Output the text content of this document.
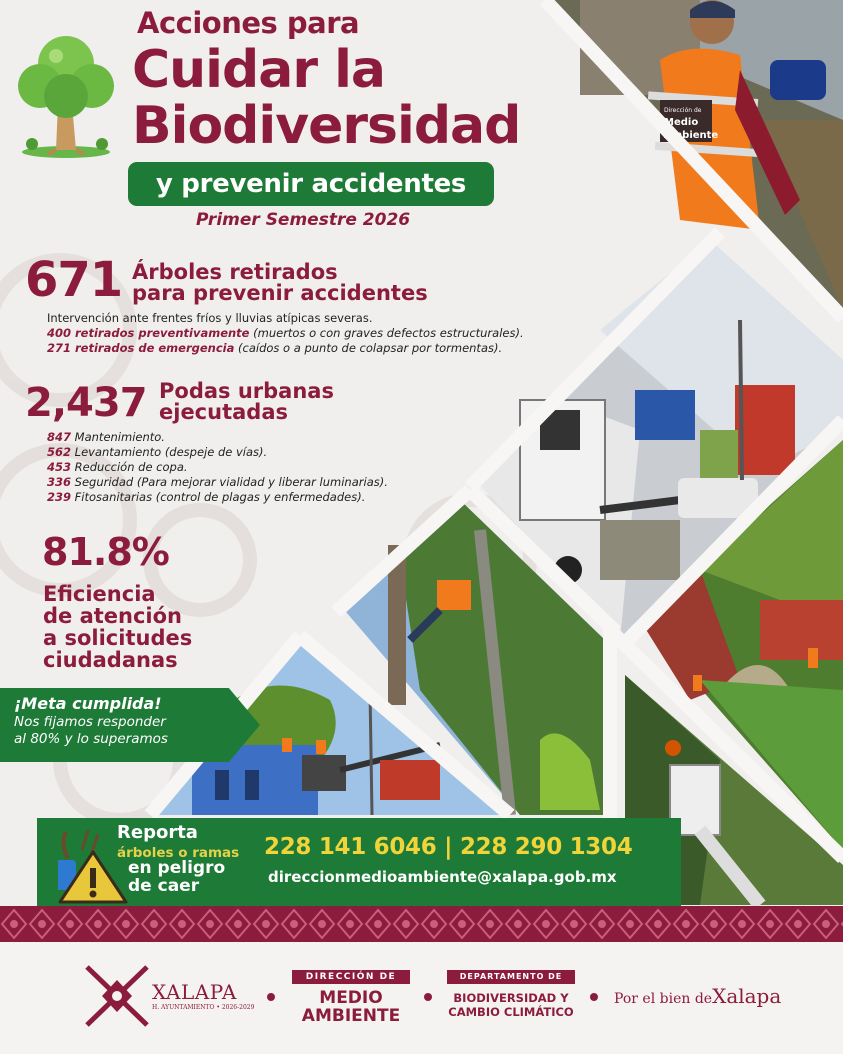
Dirección de
Medio
Ambiente
Acciones para
Cuidar la
Biodiversidad
y prevenir accidentes
Primer Semestre 2026
671 Árboles retirados
para prevenir accidentes
Intervención ante frentes fríos y lluvias atípicas severas.
400 retirados preventivamente (muertos o con graves defectos estructurales).
271 retirados de emergencia (caídos o a punto de colapsar por tormentas).
2,437 Podas urbanas
ejecutadas
847 Mantenimiento.
562 Levantamiento (despeje de vías).
453 Reducción de copa.
336 Seguridad (Para mejorar vialidad y liberar luminarias).
239 Fitosanitarias (control de plagas y enfermedades).
81.8%
Eficiencia
de atención
a solicitudes
ciudadanas
¡Meta cumplida!
Nos fijamos responder
al 80% y lo superamos
Reporta
árboles o ramas
en peligro
de caer
228 141 6046 | 228 290 1304
direccionmedioambiente@xalapa.gob.mx
XALAPA
H. AYUNTAMIENTO • 2026-2029
DIRECCIÓN DE
MEDIO
AMBIENTE
DEPARTAMENTO DE
BIODIVERSIDAD Y
CAMBIO CLIMÁTICO
Por el bien deXalapa
